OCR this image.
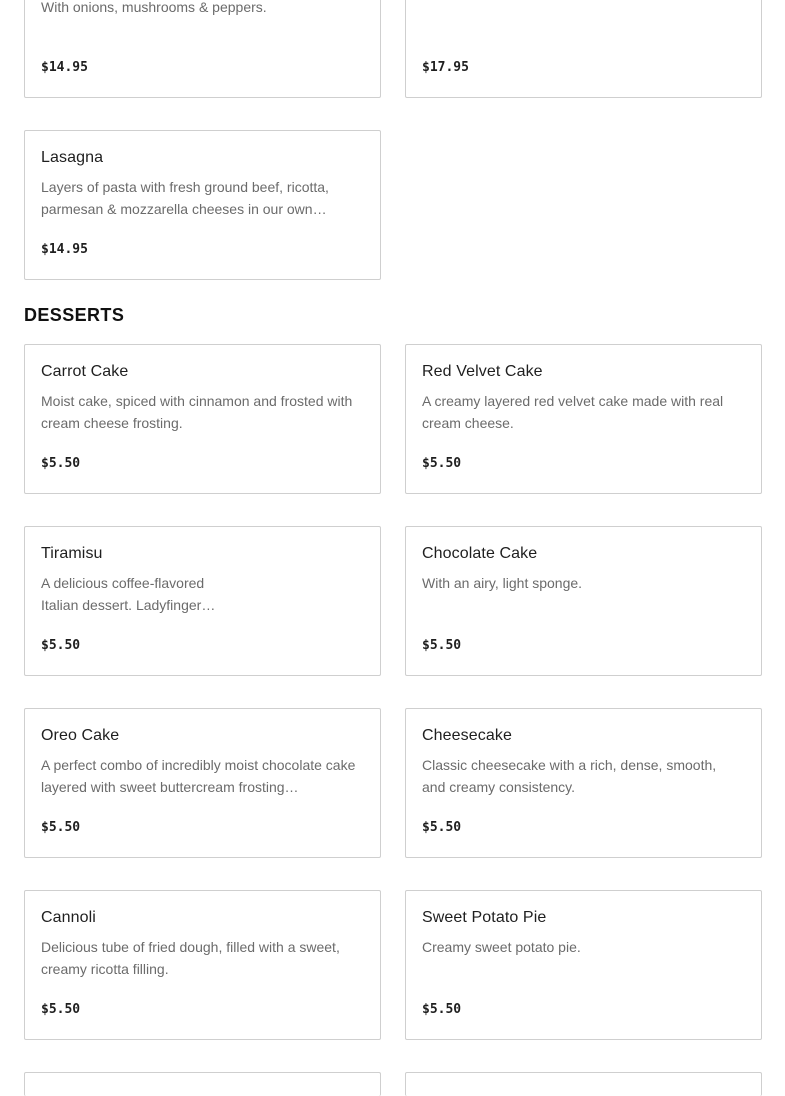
With onions, mushrooms & peppers.
$14.95	$17.95
Lasagna
Layers of pasta with fresh ground beef, ricotta, parmesan & mozzarella cheeses in our own…
$14.95
DESSERTS
Carrot Cake
Moist cake, spiced with cinnamon and frosted with cream cheese frosting.
$5.50
Red Velvet Cake
A creamy layered red velvet cake made with real cream cheese.
$5.50
Tiramisu
A delicious coffee-flavored Italian dessert. Ladyfinger…
$5.50
Chocolate Cake
With an airy, light sponge.
$5.50
Oreo Cake
A perfect combo of incredibly moist chocolate cake layered with sweet buttercream frosting…
$5.50
Cheesecake
Classic cheesecake with a rich, dense, smooth, and creamy consistency.
$5.50
Cannoli
Delicious tube of fried dough, filled with a sweet, creamy ricotta filling.
$5.50
Sweet Potato Pie
Creamy sweet potato pie.
$5.50
